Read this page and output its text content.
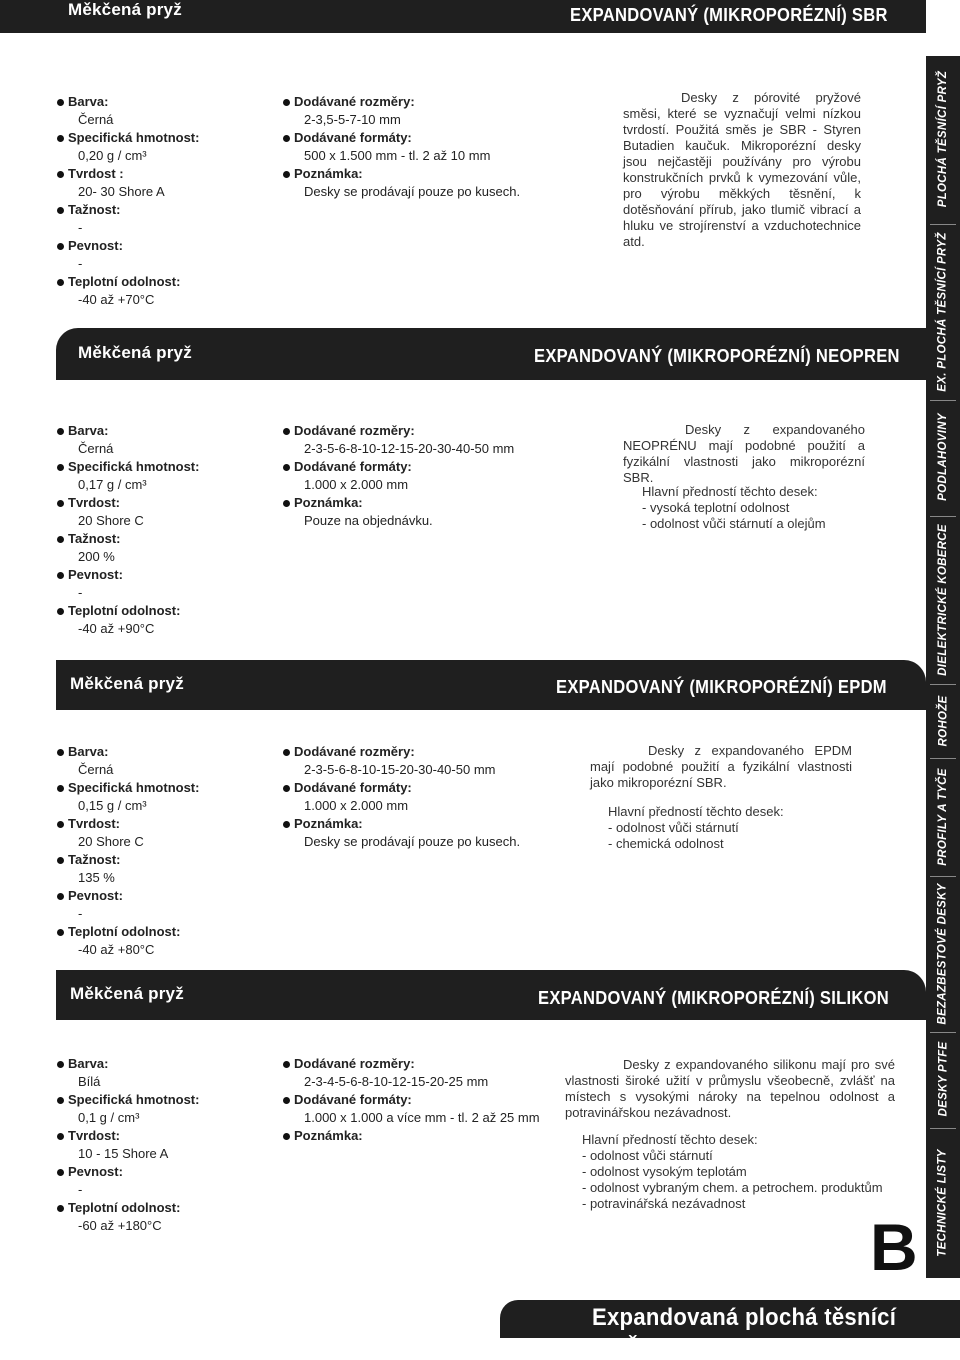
Měkčená pryž	EXPANDOVANÝ (MIKROPORÉZNÍ) SBR
Barva:
Černá
Specifická hmotnost:
0,20 g / cm³
Tvrdost :
20- 30 Shore A
Tažnost:
-
Pevnost:
-
Teplotní odolnost:
-40 až +70°C
Dodávané rozměry:
2-3,5-5-7-10 mm
Dodávané formáty:
500 x 1.500 mm - tl. 2 až 10 mm
Poznámka:
Desky se prodávají pouze po kusech.

Desky z pórovité pryžové směsi, které se vyznačují velmi nízkou tvrdostí. Použitá směs je SBR - Styren Butadien kaučuk. Mikroporézní desky jsou nejčastěji používány pro výrobu konstrukčních prvků k vymezování vůle, pro výrobu měkkých těsnění, k dotěsňování přírub, jako tlumič vibrací a hluku ve strojírenství a vzduchotechnice atd.

Měkčená pryž	EXPANDOVANÝ (MIKROPORÉZNÍ) NEOPREN
Barva:
Černá
Specifická hmotnost:
0,17 g / cm³
Tvrdost:
20 Shore C
Tažnost:
200 %
Pevnost:
-
Teplotní odolnost:
-40 až +90°C
Dodávané rozměry:
2-3-5-6-8-10-12-15-20-30-40-50 mm
Dodávané formáty:
1.000 x 2.000 mm
Poznámka:
Pouze na objednávku.

Desky z expandovaného NEOPRÉNU mají podobné použití a fyzikální vlastnosti jako mikroporézní SBR.

Hlavní předností těchto desek:
- vysoká teplotní odolnost
- odolnost vůči stárnutí a olejům
Měkčená pryž	EXPANDOVANÝ (MIKROPORÉZNÍ) EPDM
Barva:
Černá
Specifická hmotnost:
0,15 g / cm³
Tvrdost:
20 Shore C
Tažnost:
135 %
Pevnost:
-
Teplotní odolnost:
-40 až +80°C
Dodávané rozměry:
2-3-5-6-8-10-15-20-30-40-50 mm
Dodávané formáty:
1.000 x 2.000 mm
Poznámka:
Desky se prodávají pouze po kusech.

Desky z expandovaného EPDM mají podobné použití a fyzikální vlastnosti jako mikroporézní SBR.

Hlavní předností těchto desek:
- odolnost vůči stárnutí
- chemická odolnost
Měkčená pryž	EXPANDOVANÝ (MIKROPORÉZNÍ) SILIKON
Barva:
Bílá
Specifická hmotnost:
0,1 g / cm³
Tvrdost:
10 - 15 Shore A
Pevnost:
-
Teplotní odolnost:
-60 až +180°C
Dodávané rozměry:
2-3-4-5-6-8-10-12-15-20-25 mm
Dodávané formáty:
1.000 x 1.000 a více mm - tl. 2 až 25 mm
Poznámka:

Desky z expandovaného silikonu mají pro své vlastnosti široké užití v průmyslu všeobecně, zvlášť na místech s vysokými nároky na tepelnou odolnost a potravinářskou nezávadnost.

Hlavní předností těchto desek:
- odolnost vůči stárnutí
- odolnost vysokým teplotám
- odolnost vybraným chem. a petrochem. produktům
- potravinářská nezávadnost
PLOCHÁ TĚSNÍCÍ PRYŽ
EX. PLOCHÁ TĚSNÍCÍ PRYŽ
PODLAHOVINY
DIELEKTRICKÉ KOBERCE
ROHOŽE
PROFILY A TYČE
BEZAZBESTOVÉ DESKY
DESKY PTFE
TECHNICKÉ LISTY
B
Expandovaná plochá těsnící pryž
